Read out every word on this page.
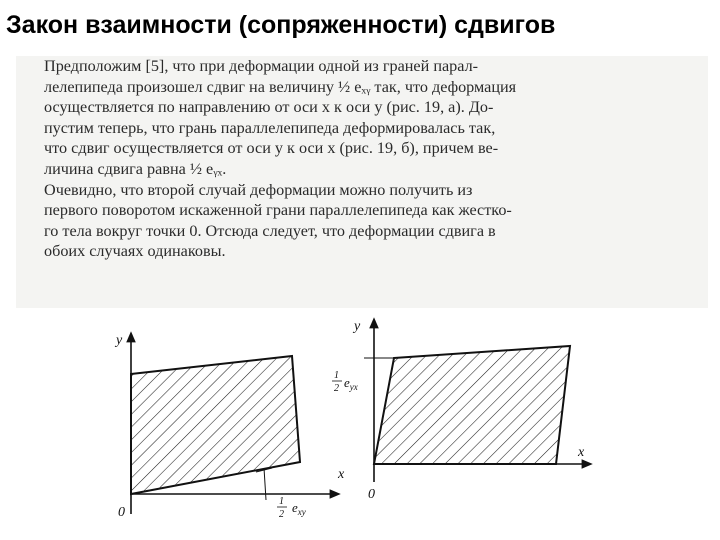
Закон взаимности (сопряженности) сдвигов

Предположим [5], что при деформации одной из граней парал-
лелепипеда произошел сдвиг на величину ½ eₓᵧ так, что деформация
осуществляется по направлению от оси x к оси y (рис. 19, а). До-
пустим теперь, что грань параллелепипеда деформировалась так,
что сдвиг осуществляется от оси y к оси x (рис. 19, б), причем ве-
личина сдвига равна ½ eᵧₓ.

Очевидно, что второй случай деформации можно получить из
первого поворотом искаженной грани параллелепипеда как жестко-
го тела вокруг точки 0. Отсюда следует, что деформации сдвига в
обоих случаях одинаковы.

y
x
0
1
2 $e_{xy}$
y
x
0
1
2 $e_{yx}$
